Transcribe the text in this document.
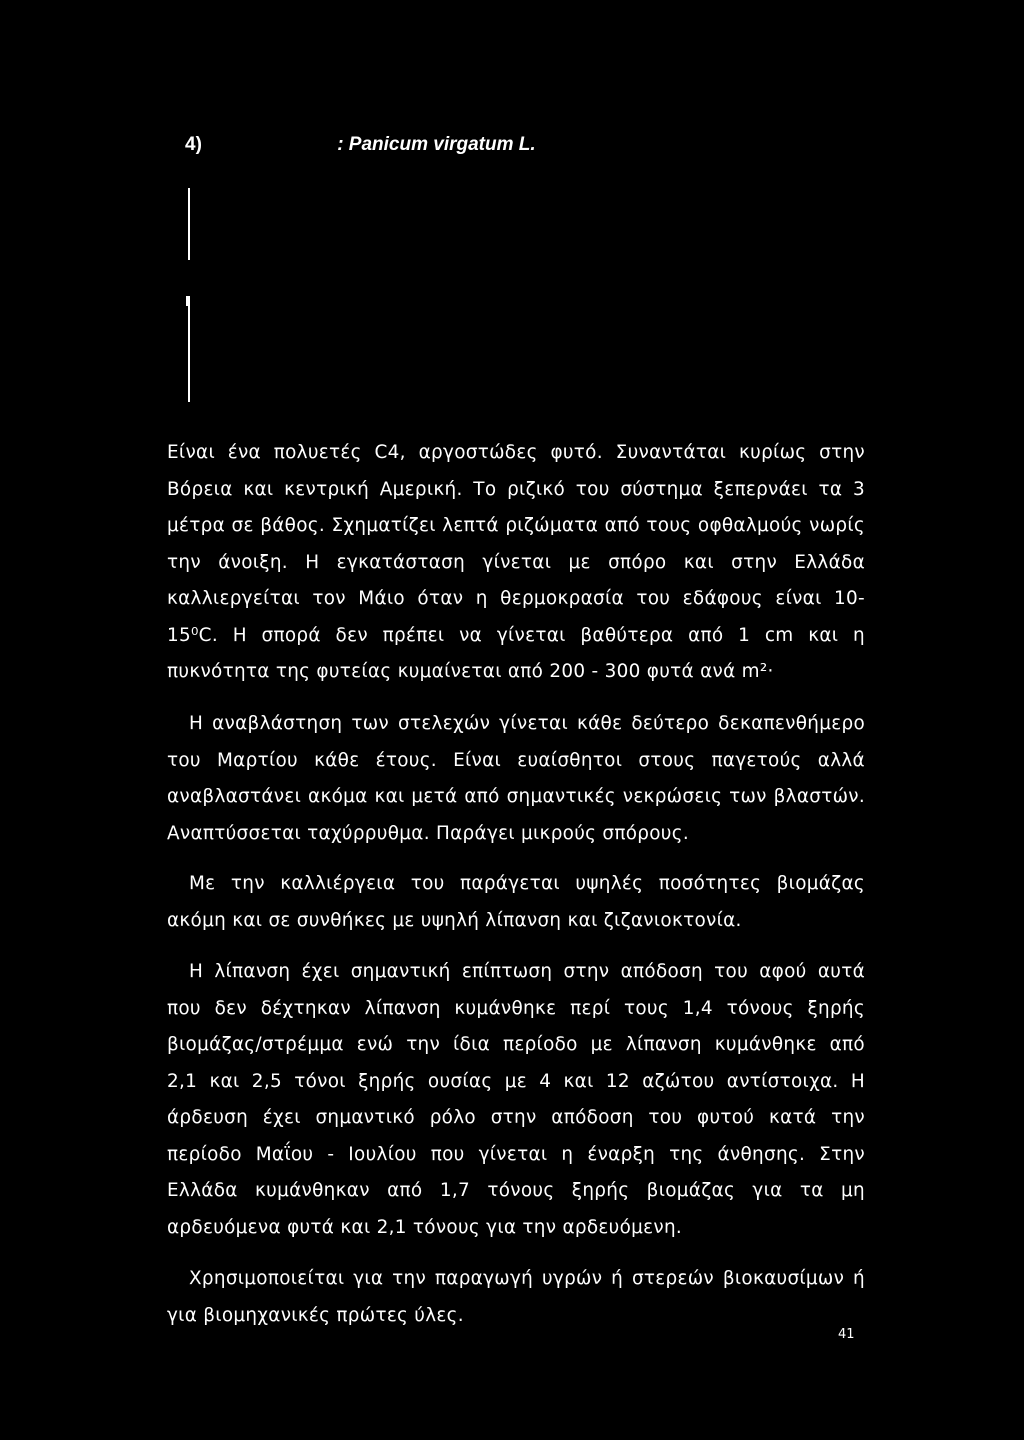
4)	: Panicum virgatum L.
Είναι ένα πολυετές C4, αργοστώδες φυτό. Συναντάται κυρίως στην
Βόρεια και κεντρική Αμερική. Το ριζικό του σύστημα ξεπερνάει τα 3
μέτρα σε βάθος. Σχηματίζει λεπτά ριζώματα από τους οφθαλμούς νωρίς
την άνοιξη. Η εγκατάσταση γίνεται με σπόρο και στην Ελλάδα
καλλιεργείται τον Μάιο όταν η θερμοκρασία του εδάφους είναι 10-
15⁰C. Η σπορά δεν πρέπει να γίνεται βαθύτερα από 1 cm και η
πυκνότητα της φυτείας κυμαίνεται από 200 - 300 φυτά ανά m²·
Η αναβλάστηση των στελεχών γίνεται κάθε δεύτερο δεκαπενθήμερο
του Μαρτίου κάθε έτους. Είναι ευαίσθητοι στους παγετούς αλλά
αναβλαστάνει ακόμα και μετά από σημαντικές νεκρώσεις των βλαστών.
Αναπτύσσεται ταχύρρυθμα. Παράγει μικρούς σπόρους.
Με την καλλιέργεια του παράγεται υψηλές ποσότητες βιομάζας
ακόμη και σε συνθήκες με υψηλή λίπανση και ζιζανιοκτονία.
Η λίπανση έχει σημαντική επίπτωση στην απόδοση του αφού αυτά
που δεν δέχτηκαν λίπανση κυμάνθηκε περί τους 1,4 τόνους ξηρής
βιομάζας/στρέμμα ενώ την ίδια περίοδο με λίπανση κυμάνθηκε από
2,1 και 2,5 τόνοι ξηρής ουσίας με 4 και 12 αζώτου αντίστοιχα. Η
άρδευση έχει σημαντικό ρόλο στην απόδοση του φυτού κατά την
περίοδο Μαΐου - Ιουλίου που γίνεται η έναρξη της άνθησης. Στην
Ελλάδα κυμάνθηκαν από 1,7 τόνους ξηρής βιομάζας για τα μη
αρδευόμενα φυτά και 2,1 τόνους για την αρδευόμενη.
Χρησιμοποιείται για την παραγωγή υγρών ή στερεών βιοκαυσίμων ή
για βιομηχανικές πρώτες ύλες.
41
